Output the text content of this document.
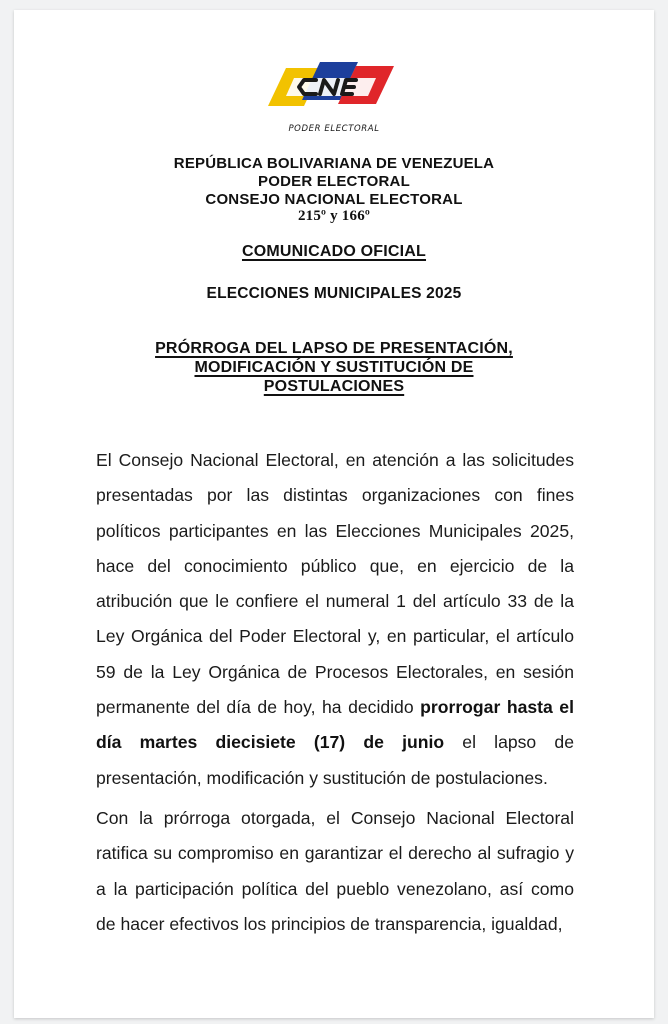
PODER ELECTORAL
REPÚBLICA BOLIVARIANA DE VENEZUELA
PODER ELECTORAL
CONSEJO NACIONAL ELECTORAL
215º y 166º
COMUNICADO OFICIAL
ELECCIONES MUNICIPALES 2025
PRÓRROGA DEL LAPSO DE PRESENTACIÓN,
MODIFICACIÓN Y SUSTITUCIÓN DE
POSTULACIONES

El Consejo Nacional Electoral, en atención a las solicitudes presentadas por las distintas organizaciones con fines políticos participantes en las Elecciones Municipales 2025, hace del conocimiento público que, en ejercicio de la atribución que le confiere el numeral 1 del artículo 33 de la Ley Orgánica del Poder Electoral y, en particular, el artículo 59 de la Ley Orgánica de Procesos Electorales, en sesión permanente del día de hoy, ha decidido prorrogar hasta el día martes diecisiete (17) de junio el lapso de presentación, modificación y sustitución de postulaciones.

Con la prórroga otorgada, el Consejo Nacional Electoral ratifica su compromiso en garantizar el derecho al sufragio y a la participación política del pueblo venezolano, así como de hacer efectivos los principios de transparencia, igualdad,
